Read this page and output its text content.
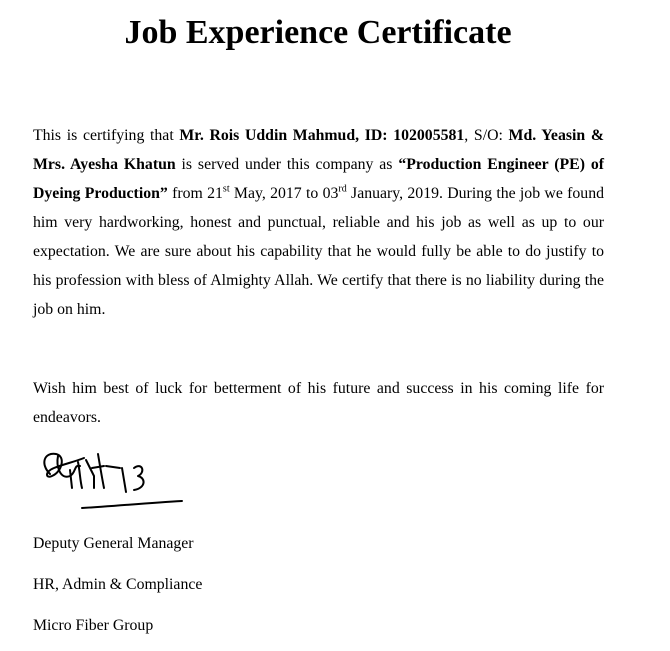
Job Experience Certificate

This is certifying that Mr. Rois Uddin Mahmud, ID: 102005581, S/O: Md. Yeasin & Mrs. Ayesha Khatun is served under this company as “Production Engineer (PE) of Dyeing Production” from 21st May, 2017 to 03rd January, 2019. During the job we found him very hardworking, honest and punctual, reliable and his job as well as up to our expectation. We are sure about his capability that he would fully be able to do justify to his profession with bless of Almighty Allah. We certify that there is no liability during the job on him.

Wish him best of luck for betterment of his future and success in his coming life for endeavors.

Deputy General Manager

HR, Admin & Compliance

Micro Fiber Group
